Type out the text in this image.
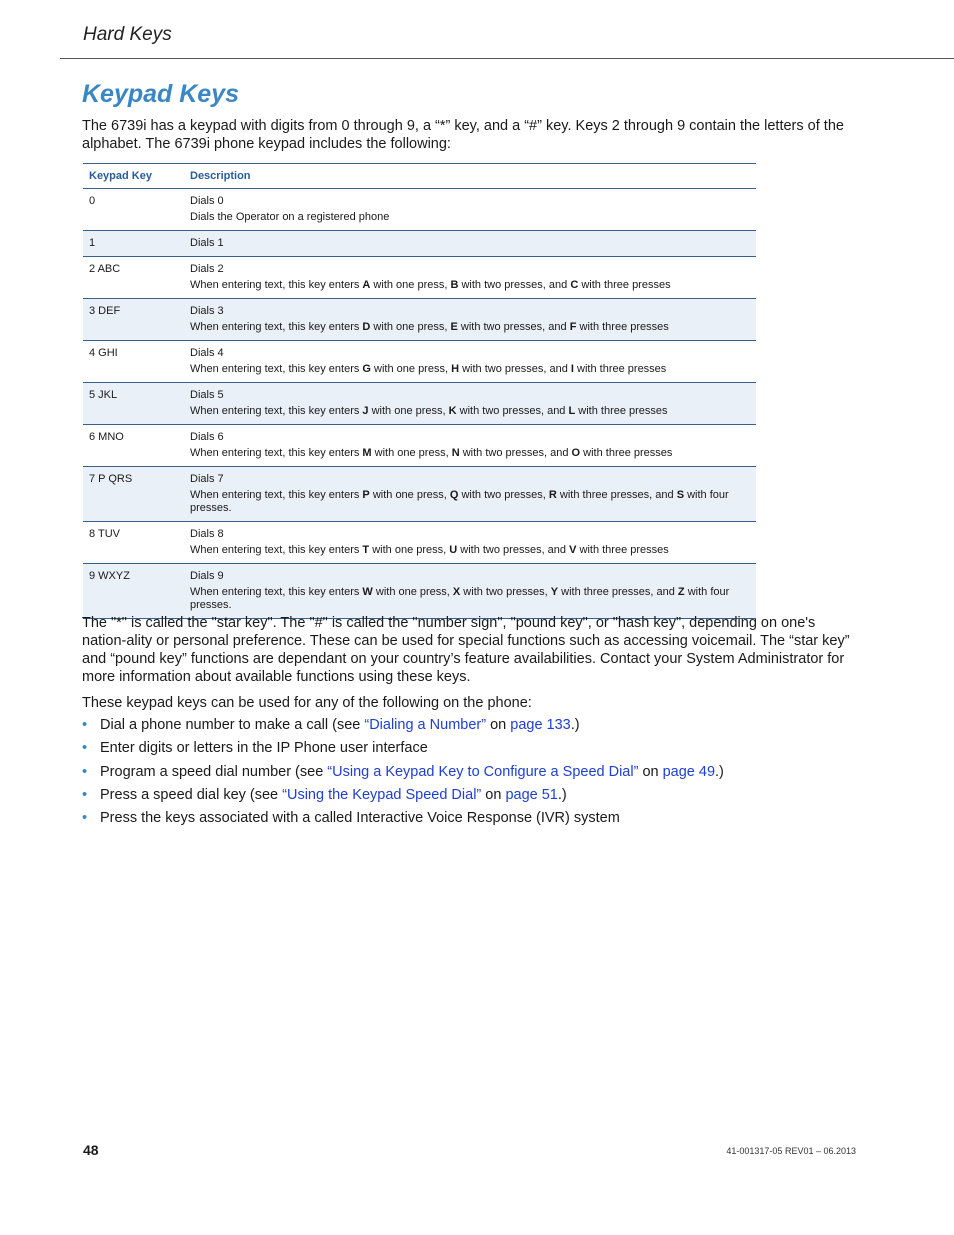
Hard Keys
Keypad Keys

The 6739i has a keypad with digits from 0 through 9, a “*” key, and a “#” key. Keys 2 through 9 contain the letters of the alphabet. The 6739i phone keypad includes the following:

Keypad Key	Description
0	Dials 0
Dials the Operator on a registered phone

1	Dials 1

2 ABC	Dials 2
When entering text, this key enters A with one press, B with two presses, and C with three presses

3 DEF	Dials 3
When entering text, this key enters D with one press, E with two presses, and F with three presses

4 GHI	Dials 4
When entering text, this key enters G with one press, H with two presses, and I with three presses

5 JKL	Dials 5
When entering text, this key enters J with one press, K with two presses, and L with three presses

6 MNO	Dials 6
When entering text, this key enters M with one press, N with two presses, and O with three presses

7 P QRS	Dials 7
When entering text, this key enters P with one press, Q with two presses, R with three presses, and S with four presses.

8 TUV	Dials 8
When entering text, this key enters T with one press, U with two presses, and V with three presses

9 WXYZ	Dials 9
When entering text, this key enters W with one press, X with two presses, Y with three presses, and Z with four presses.

The "*" is called the "star key". The "#" is called the "number sign", "pound key", or "hash key", depending on one's nation-ality or personal preference. These can be used for special functions such as accessing voicemail. The “star key” and “pound key” functions are dependant on your country’s feature availabilities. Contact your System Administrator for more information about available functions using these keys.

These keypad keys can be used for any of the following on the phone:

• Dial a phone number to make a call (see “Dialing a Number” on page 133.)
• Enter digits or letters in the IP Phone user interface
• Program a speed dial number (see “Using a Keypad Key to Configure a Speed Dial” on page 49.)
• Press a speed dial key (see “Using the Keypad Speed Dial” on page 51.)
• Press the keys associated with a called Interactive Voice Response (IVR) system
48	41-001317-05 REV01 – 06.2013
